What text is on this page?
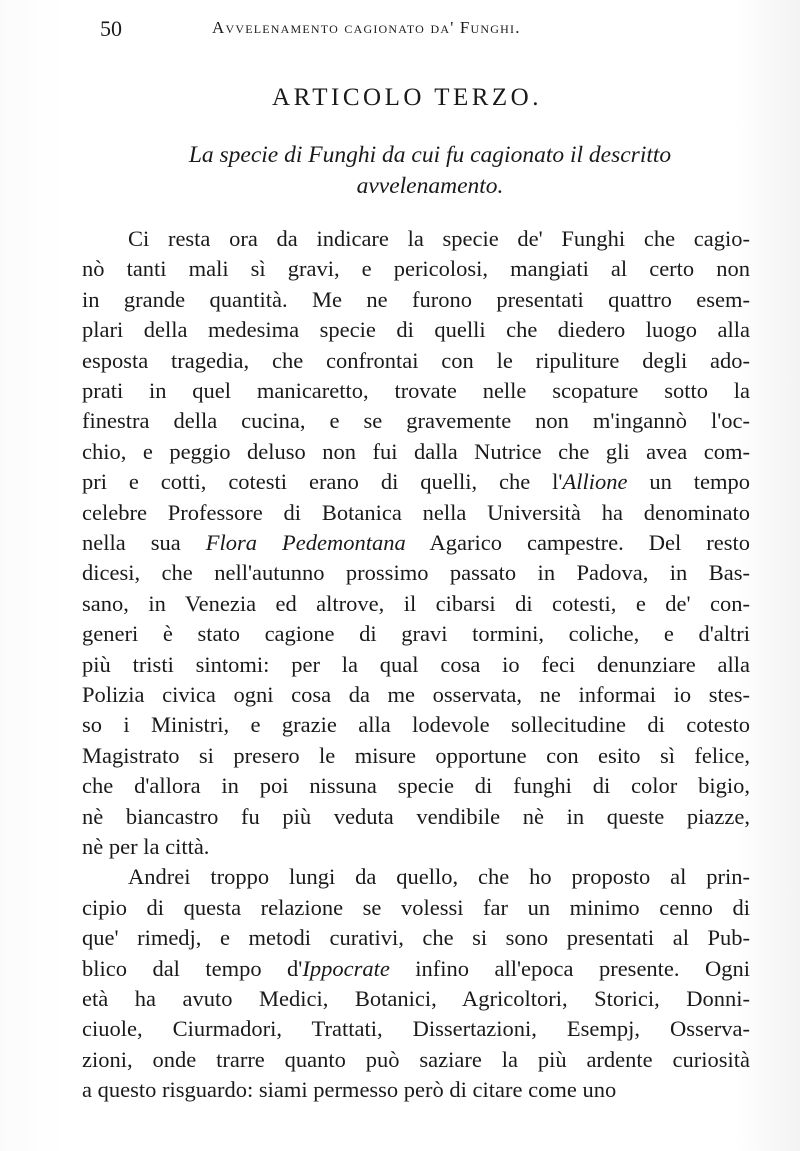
50	Avvelenamento cagionato da' Funghi.
ARTICOLO TERZO.
La specie di Funghi da cui fu cagionato il descritto
avvelenamento.
Ci resta ora da indicare la specie de' Funghi che cagio-
nò tanti mali sì gravi, e pericolosi, mangiati al certo non
in grande quantità. Me ne furono presentati quattro esem-
plari della medesima specie di quelli che diedero luogo alla
esposta tragedia, che confrontai con le ripuliture degli ado-
prati in quel manicaretto, trovate nelle scopature sotto la
finestra della cucina, e se gravemente non m'ingannò l'oc-
chio, e peggio deluso non fui dalla Nutrice che gli avea com-
pri e cotti, cotesti erano di quelli, che l'Allione un tempo
celebre Professore di Botanica nella Università ha denominato
nella sua Flora Pedemontana Agarico campestre. Del resto
dicesi, che nell'autunno prossimo passato in Padova, in Bas-
sano, in Venezia ed altrove, il cibarsi di cotesti, e de' con-
generi è stato cagione di gravi tormini, coliche, e d'altri
più tristi sintomi: per la qual cosa io feci denunziare alla
Polizia civica ogni cosa da me osservata, ne informai io stes-
so i Ministri, e grazie alla lodevole sollecitudine di cotesto
Magistrato si presero le misure opportune con esito sì felice,
che d'allora in poi nissuna specie di funghi di color bigio,
nè biancastro fu più veduta vendibile nè in queste piazze,
nè per la città.
Andrei troppo lungi da quello, che ho proposto al prin-
cipio di questa relazione se volessi far un minimo cenno di
que' rimedj, e metodi curativi, che si sono presentati al Pub-
blico dal tempo d'Ippocrate infino all'epoca presente. Ogni
età ha avuto Medici, Botanici, Agricoltori, Storici, Donni-
ciuole, Ciurmadori, Trattati, Dissertazioni, Esempj, Osserva-
zioni, onde trarre quanto può saziare la più ardente curiosità
a questo risguardo: siami permesso però di citare come uno
